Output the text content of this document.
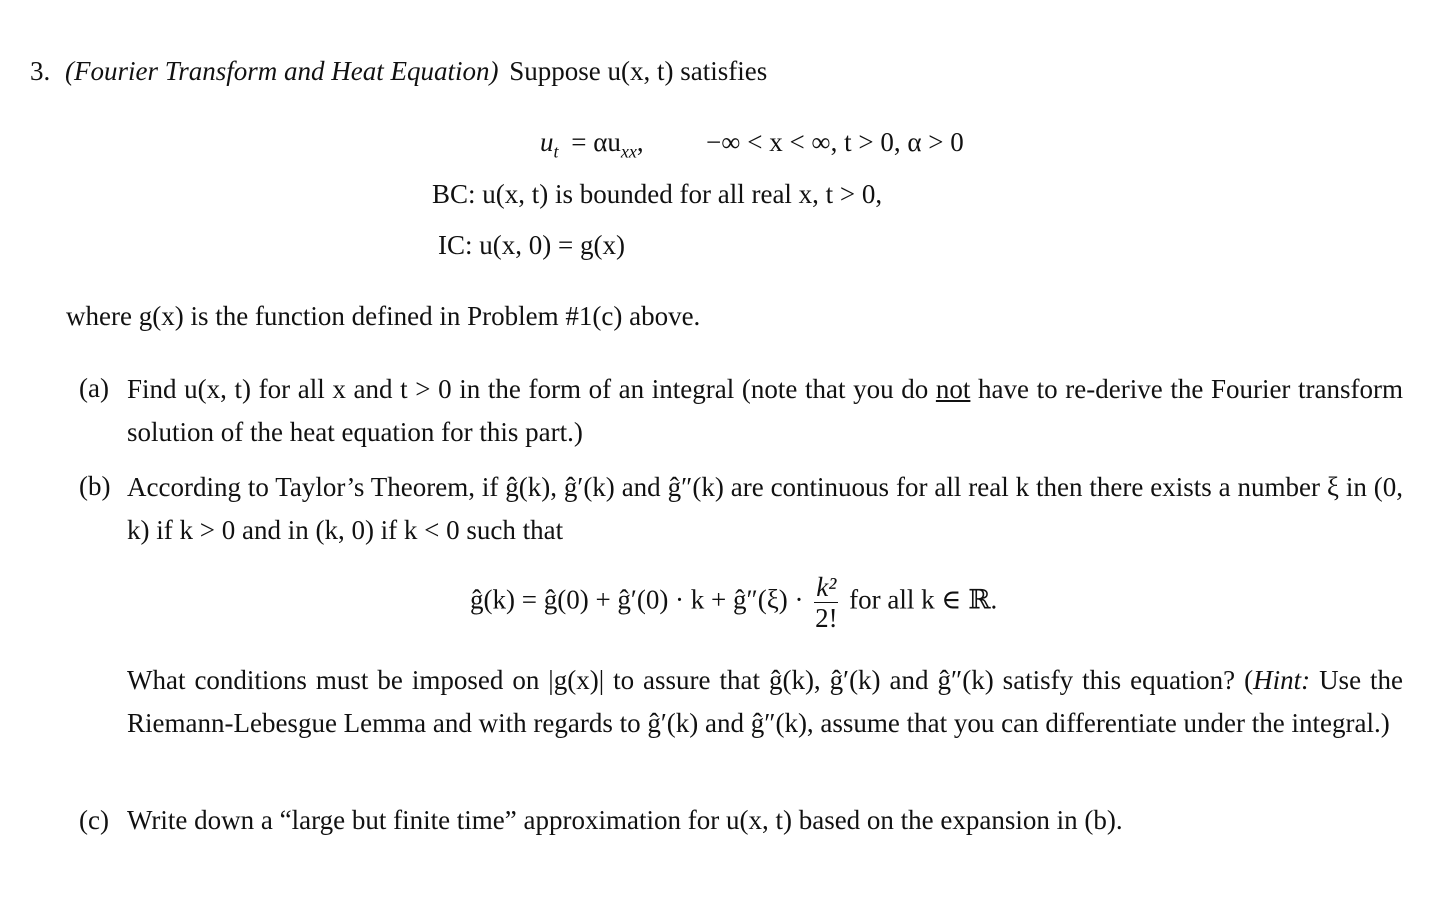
3. (Fourier Transform and Heat Equation) Suppose u(x, t) satisfies
$u_t = \alpha u_{xx}$, −∞ < x < ∞, t > 0, α > 0
BC: u(x, t) is bounded for all real x, t > 0,
IC: u(x, 0) = g(x)
where g(x) is the function defined in Problem #1(c) above.
(a) Find u(x, t) for all x and t > 0 in the form of an integral (note that you do not have to re-derive the Fourier transform solution of the heat equation for this part.)
(b) According to Taylor’s Theorem, if ĝ(k), ĝ′(k) and ĝ″(k) are continuous for all real k then there exists a number ξ in (0, k) if k > 0 and in (k, 0) if k < 0 such that
ĝ(k) = ĝ(0) + ĝ′(0) · k + ĝ″(ξ) · $\frac{\text{k²}}{2!}$ for all k ∈ ℝ.
What conditions must be imposed on |g(x)| to assure that ĝ(k), ĝ′(k) and ĝ″(k) satisfy this equation? (Hint: Use the Riemann-Lebesgue Lemma and with regards to ĝ′(k) and ĝ″(k), assume that you can differentiate under the integral.)
(c) Write down a “large but finite time” approximation for u(x, t) based on the expansion in (b).
